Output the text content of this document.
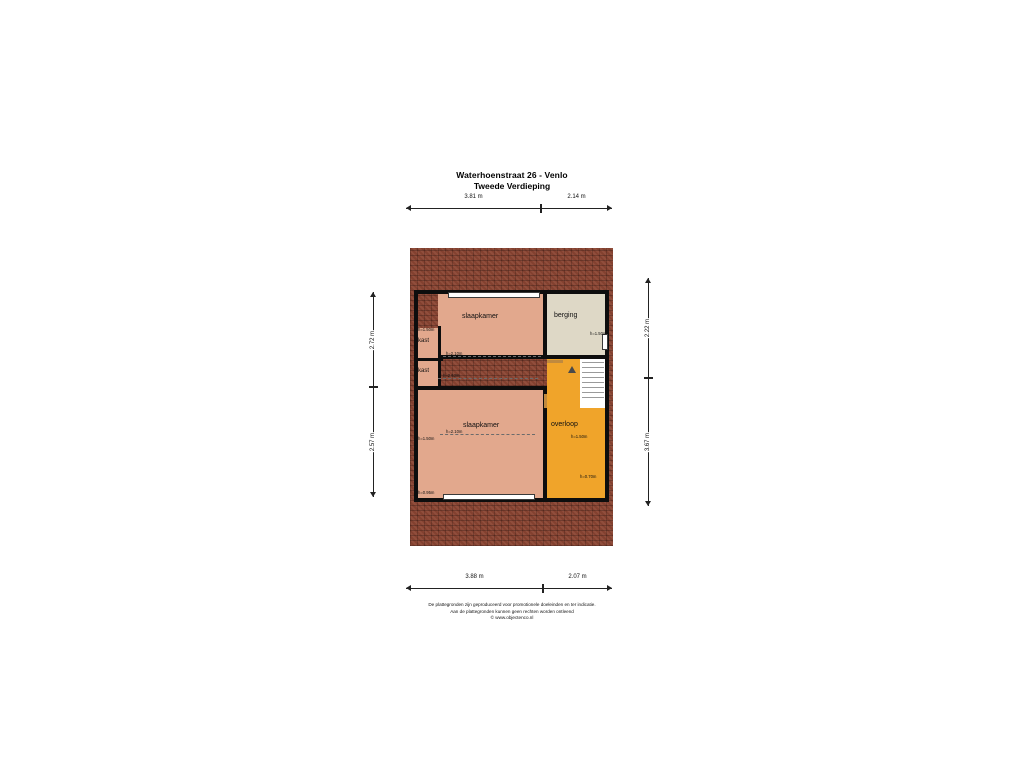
Waterhoenstraat 26 - Venlo
Tweede Verdieping
3.81 m	2.14 m
2.72 m
2.57 m
2.22 m
3.67 m
3.88 m	2.07 m
slaapkamer	berging
kast
kast
slaapkamer	overloop
h=0.65m
h=1.50m
h=1.50m
h=2.10m
h=2.63m
h=2.10m
h=1.50m
h=0.95m
h=1.50m
h=0.70m
De plattegronden zijn geproduceerd voor promotionele doeleinden en ter indicatie.
Aan de plattegronden kunnen geen rechten worden ontleend
© www.objectenco.nl
